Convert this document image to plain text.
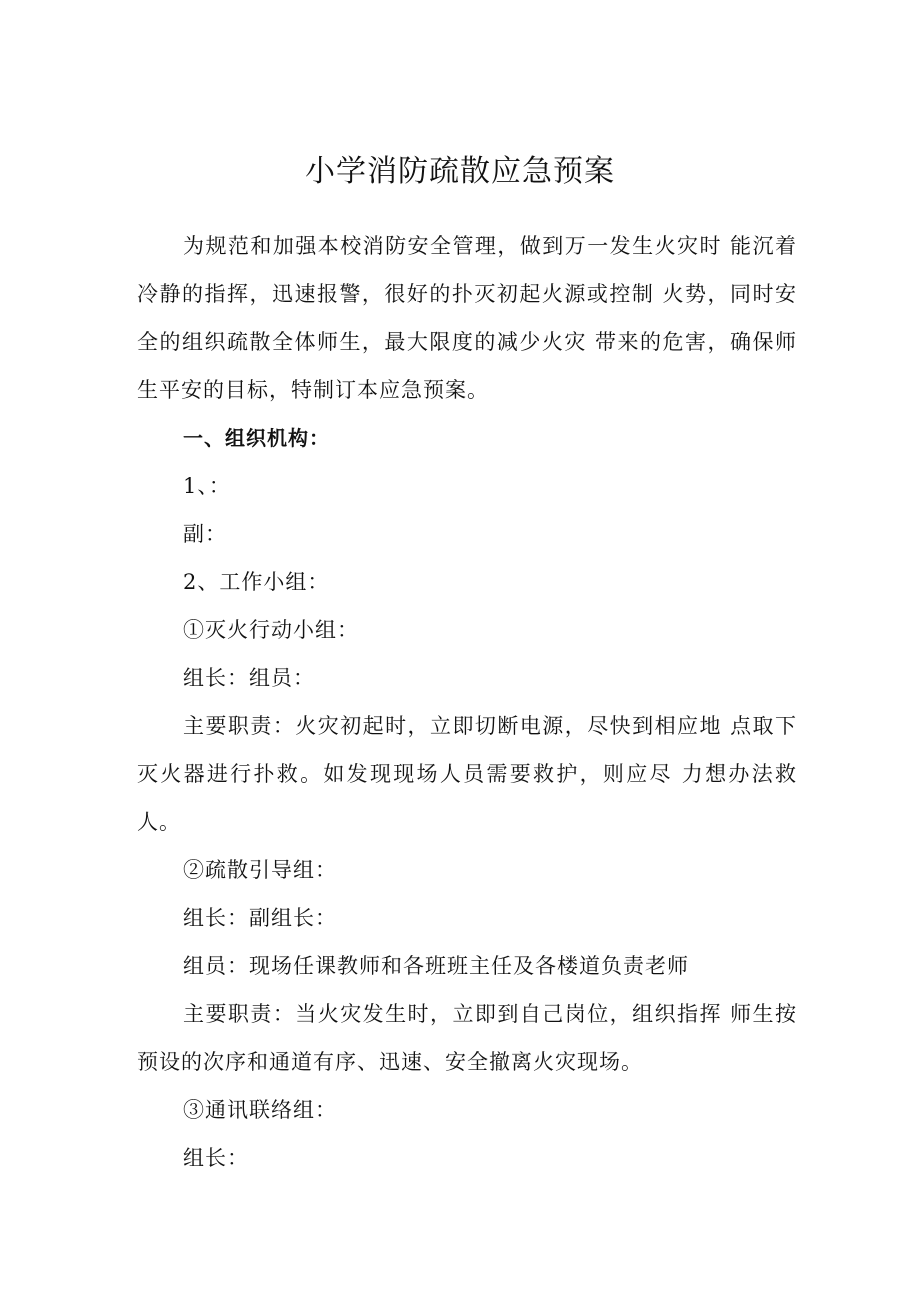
小学消防疏散应急预案

为规范和加强本校消防安全管理，做到万一发生火灾时 能沉着冷静的指挥，迅速报警，很好的扑灭初起火源或控制 火势，同时安全的组织疏散全体师生，最大限度的减少火灾 带来的危害，确保师生平安的目标，特制订本应急预案。

一、组织机构：

1、：

副：

2、工作小组：

①灭火行动小组：

组长：组员：

主要职责：火灾初起时，立即切断电源，尽快到相应地 点取下灭火器进行扑救。如发现现场人员需要救护，则应尽 力想办法救人。

②疏散引导组：

组长：副组长：

组员：现场任课教师和各班班主任及各楼道负责老师

主要职责：当火灾发生时，立即到自己岗位，组织指挥 师生按预设的次序和通道有序、迅速、安全撤离火灾现场。

③通讯联络组：

组长：
